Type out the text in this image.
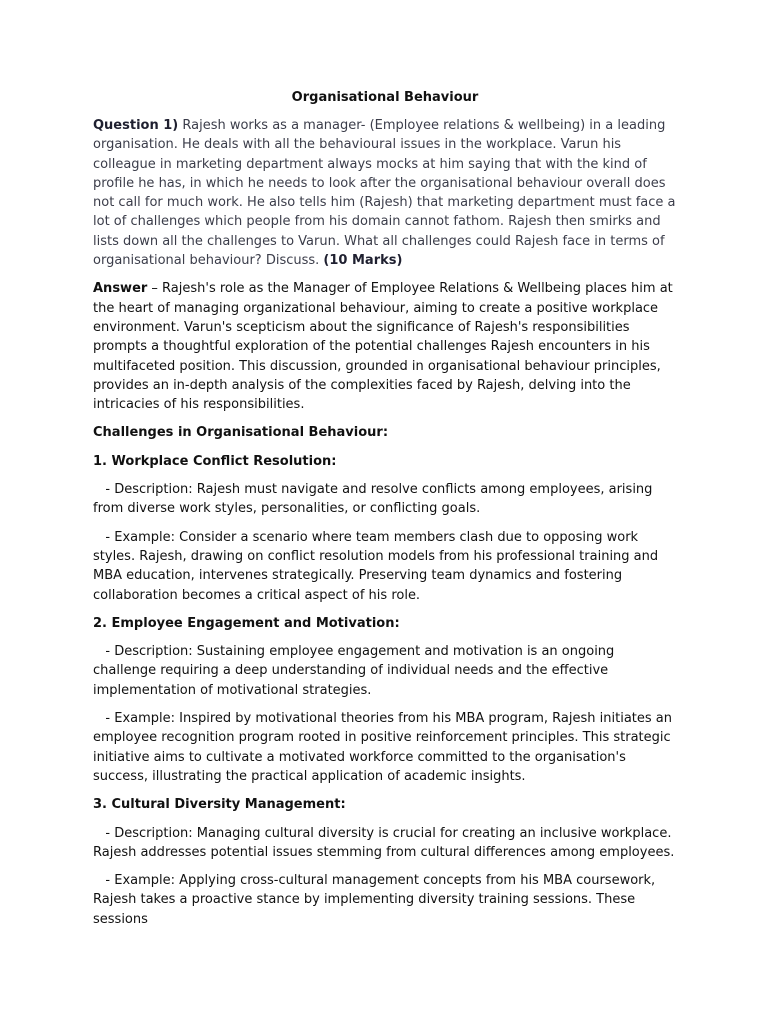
Organisational Behaviour

Question 1) Rajesh works as a manager- (Employee relations & wellbeing) in a leading organisation. He deals with all the behavioural issues in the workplace. Varun his colleague in marketing department always mocks at him saying that with the kind of profile he has, in which he needs to look after the organisational behaviour overall does not call for much work. He also tells him (Rajesh) that marketing department must face a lot of challenges which people from his domain cannot fathom. Rajesh then smirks and lists down all the challenges to Varun. What all challenges could Rajesh face in terms of organisational behaviour? Discuss. (10 Marks)

Answer – Rajesh's role as the Manager of Employee Relations & Wellbeing places him at the heart of managing organizational behaviour, aiming to create a positive workplace environment. Varun's scepticism about the significance of Rajesh's responsibilities prompts a thoughtful exploration of the potential challenges Rajesh encounters in his multifaceted position. This discussion, grounded in organisational behaviour principles, provides an in-depth analysis of the complexities faced by Rajesh, delving into the intricacies of his responsibilities.

Challenges in Organisational Behaviour:

1. Workplace Conflict Resolution:

- Description: Rajesh must navigate and resolve conflicts among employees, arising from diverse work styles, personalities, or conflicting goals.

- Example: Consider a scenario where team members clash due to opposing work styles. Rajesh, drawing on conflict resolution models from his professional training and MBA education, intervenes strategically. Preserving team dynamics and fostering collaboration becomes a critical aspect of his role.

2. Employee Engagement and Motivation:

- Description: Sustaining employee engagement and motivation is an ongoing challenge requiring a deep understanding of individual needs and the effective implementation of motivational strategies.

- Example: Inspired by motivational theories from his MBA program, Rajesh initiates an employee recognition program rooted in positive reinforcement principles. This strategic initiative aims to cultivate a motivated workforce committed to the organisation's success, illustrating the practical application of academic insights.

3. Cultural Diversity Management:

- Description: Managing cultural diversity is crucial for creating an inclusive workplace. Rajesh addresses potential issues stemming from cultural differences among employees.

- Example: Applying cross-cultural management concepts from his MBA coursework, Rajesh takes a proactive stance by implementing diversity training sessions. These sessions
